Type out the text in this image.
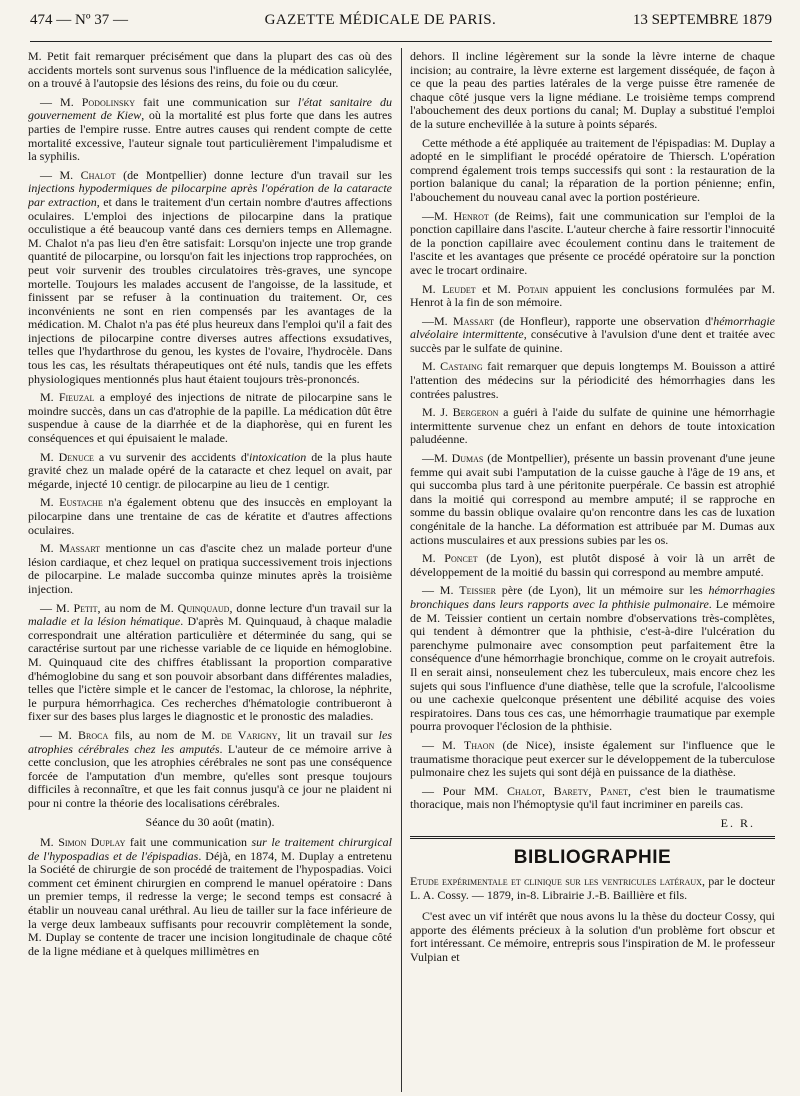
474 — Nº 37 —	GAZETTE MÉDICALE DE PARIS.	13 SEPTEMBRE 1879

M. Petit fait remarquer précisément que dans la plupart des cas où des accidents mortels sont survenus sous l'influence de la médication salicylée, on a trouvé à l'autopsie des lésions des reins, du foie ou du cœur.

— M. Podolinsky fait une communication sur l'état sanitaire du gouvernement de Kiew, où la mortalité est plus forte que dans les autres parties de l'empire russe. Entre autres causes qui rendent compte de cette mortalité excessive, l'auteur signale tout particulièrement l'impaludisme et la syphilis.

— M. Chalot (de Montpellier) donne lecture d'un travail sur les injections hypodermiques de pilocarpine après l'opération de la cataracte par extraction, et dans le traitement d'un certain nombre d'autres affections oculaires. L'emploi des injections de pilocarpine dans la pratique occulistique a été beaucoup vanté dans ces derniers temps en Allemagne. M. Chalot n'a pas lieu d'en être satisfait: Lorsqu'on injecte une trop grande quantité de pilocarpine, ou lorsqu'on fait les injections trop rapprochées, on peut voir survenir des troubles circulatoires très-graves, une syncope mortelle. Toujours les malades accusent de l'angoisse, de la lassitude, et finissent par se refuser à la continuation du traitement. Or, ces inconvénients ne sont en rien compensés par les avantages de la médication. M. Chalot n'a pas été plus heureux dans l'emploi qu'il a fait des injections de pilocarpine contre diverses autres affections exsudatives, telles que l'hydarthrose du genou, les kystes de l'ovaire, l'hydrocèle. Dans tous les cas, les résultats thérapeutiques ont été nuls, tandis que les effets physiologiques mentionnés plus haut étaient toujours très-prononcés.

M. Fieuzal a employé des injections de nitrate de pilocarpine sans le moindre succès, dans un cas d'atrophie de la papille. La médication dût être suspendue à cause de la diarrhée et de la diaphorèse, qui en furent les conséquences et qui épuisaient le malade.

M. Denuce a vu survenir des accidents d'intoxication de la plus haute gravité chez un malade opéré de la cataracte et chez lequel on avait, par mégarde, injecté 10 centigr. de pilocarpine au lieu de 1 centigr.

M. Eustache n'a également obtenu que des insuccès en employant la pilocarpine dans une trentaine de cas de kératite et d'autres affections oculaires.

M. Massart mentionne un cas d'ascite chez un malade porteur d'une lésion cardiaque, et chez lequel on pratiqua successivement trois injections de pilocarpine. Le malade succomba quinze minutes après la troisième injection.

— M. Petit, au nom de M. Quinquaud, donne lecture d'un travail sur la maladie et la lésion hématique. D'après M. Quinquaud, à chaque maladie correspondrait une altération particulière et déterminée du sang, qui se caractérise surtout par une richesse variable de ce liquide en hémoglobine. M. Quinquaud cite des chiffres établissant la proportion comparative d'hémoglobine du sang et son pouvoir absorbant dans différentes maladies, telles que l'ictère simple et le cancer de l'estomac, la chlorose, la néphrite, le purpura hémorrhagica. Ces recherches d'hématologie contribueront à fixer sur des bases plus larges le diagnostic et le pronostic des maladies.

— M. Broca fils, au nom de M. de Varigny, lit un travail sur les atrophies cérébrales chez les amputés. L'auteur de ce mémoire arrive à cette conclusion, que les atrophies cérébrales ne sont pas une conséquence forcée de l'amputation d'un membre, qu'elles sont presque toujours difficiles à reconnaître, et que les fait connus jusqu'à ce jour ne plaident ni pour ni contre la théorie des localisations cérébrales.

Séance du 30 août (matin).

M. Simon Duplay fait une communication sur le traitement chirurgical de l'hypospadias et de l'épispadias. Déjà, en 1874, M. Duplay a entretenu la Société de chirurgie de son procédé de traitement de l'hypospadias. Voici comment cet éminent chirurgien en comprend le manuel opératoire : Dans un premier temps, il redresse la verge; le second temps est consacré à établir un nouveau canal uréthral. Au lieu de tailler sur la face inférieure de la verge deux lambeaux suffisants pour recouvrir complètement la sonde, M. Duplay se contente de tracer une incision longitudinale de chaque côté de la ligne médiane et à quelques millimètres en

dehors. Il incline légèrement sur la sonde la lèvre interne de chaque incision; au contraire, la lèvre externe est largement disséquée, de façon à ce que la peau des parties latérales de la verge puisse être ramenée de chaque côté jusque vers la ligne médiane. Le troisième temps comprend l'abouchement des deux portions du canal; M. Duplay a substitué l'emploi de la suture enchevillée à la suture à points séparés.

Cette méthode a été appliquée au traitement de l'épispadias: M. Duplay a adopté en le simplifiant le procédé opératoire de Thiersch. L'opération comprend également trois temps successifs qui sont : la restauration de la portion balanique du canal; la réparation de la portion pénienne; enfin, l'abouchement du nouveau canal avec la portion postérieure.

—M. Henrot (de Reims), fait une communication sur l'emploi de la ponction capillaire dans l'ascite. L'auteur cherche à faire ressortir l'innocuité de la ponction capillaire avec écoulement continu dans le traitement de l'ascite et les avantages que présente ce procédé opératoire sur la ponction avec le trocart ordinaire.

M. Leudet et M. Potain appuient les conclusions formulées par M. Henrot à la fin de son mémoire.

—M. Massart (de Honfleur), rapporte une observation d'hémorrhagie alvéolaire intermittente, consécutive à l'avulsion d'une dent et traitée avec succès par le sulfate de quinine.

M. Castaing fait remarquer que depuis longtemps M. Bouisson a attiré l'attention des médecins sur la périodicité des hémorrhagies dans les contrées palustres.

M. J. Bergeron a guéri à l'aide du sulfate de quinine une hémorrhagie intermittente survenue chez un enfant en dehors de toute intoxication paludéenne.

—M. Dumas (de Montpellier), présente un bassin provenant d'une jeune femme qui avait subi l'amputation de la cuisse gauche à l'âge de 19 ans, et qui succomba plus tard à une péritonite puerpérale. Ce bassin est atrophié dans la moitié qui correspond au membre amputé; il se rapproche en somme du bassin oblique ovalaire qu'on rencontre dans les cas de luxation congénitale de la hanche. La déformation est attribuée par M. Dumas aux actions musculaires et aux pressions subies par les os.

M. Poncet (de Lyon), est plutôt disposé à voir là un arrêt de développement de la moitié du bassin qui correspond au membre amputé.

— M. Teissier père (de Lyon), lit un mémoire sur les hémorrhagies bronchiques dans leurs rapports avec la phthisie pulmonaire. Le mémoire de M. Teissier contient un certain nombre d'observations très-complètes, qui tendent à démontrer que la phthisie, c'est-à-dire l'ulcération du parenchyme pulmonaire avec consomption peut parfaitement être la conséquence d'une hémorrhagie bronchique, comme on le croyait autrefois. Il en serait ainsi, nonseulement chez les tuberculeux, mais encore chez les sujets qui sous l'influence d'une diathèse, telle que la scrofule, l'alcoolisme ou une cachexie quelconque présentent une débilité acquise des voies respiratoires. Dans tous ces cas, une hémorrhagie traumatique par exemple pourra provoquer l'éclosion de la phthisie.

— M. Thaon (de Nice), insiste également sur l'influence que le traumatisme thoracique peut exercer sur le développement de la tuberculose pulmonaire chez les sujets qui sont déjà en puissance de la diathèse.

— Pour MM. Chalot, Barety, Panet, c'est bien le traumatisme thoracique, mais non l'hémoptysie qu'il faut incriminer en pareils cas.

E. R.

BIBLIOGRAPHIE

Etude expérimentale et clinique sur les ventricules latéraux, par le docteur L. A. Cossy. — 1879, in-8. Librairie J.-B. Baillière et fils.

C'est avec un vif intérêt que nous avons lu la thèse du docteur Cossy, qui apporte des éléments précieux à la solution d'un problème fort obscur et fort intéressant. Ce mémoire, entrepris sous l'inspiration de M. le professeur Vulpian et
